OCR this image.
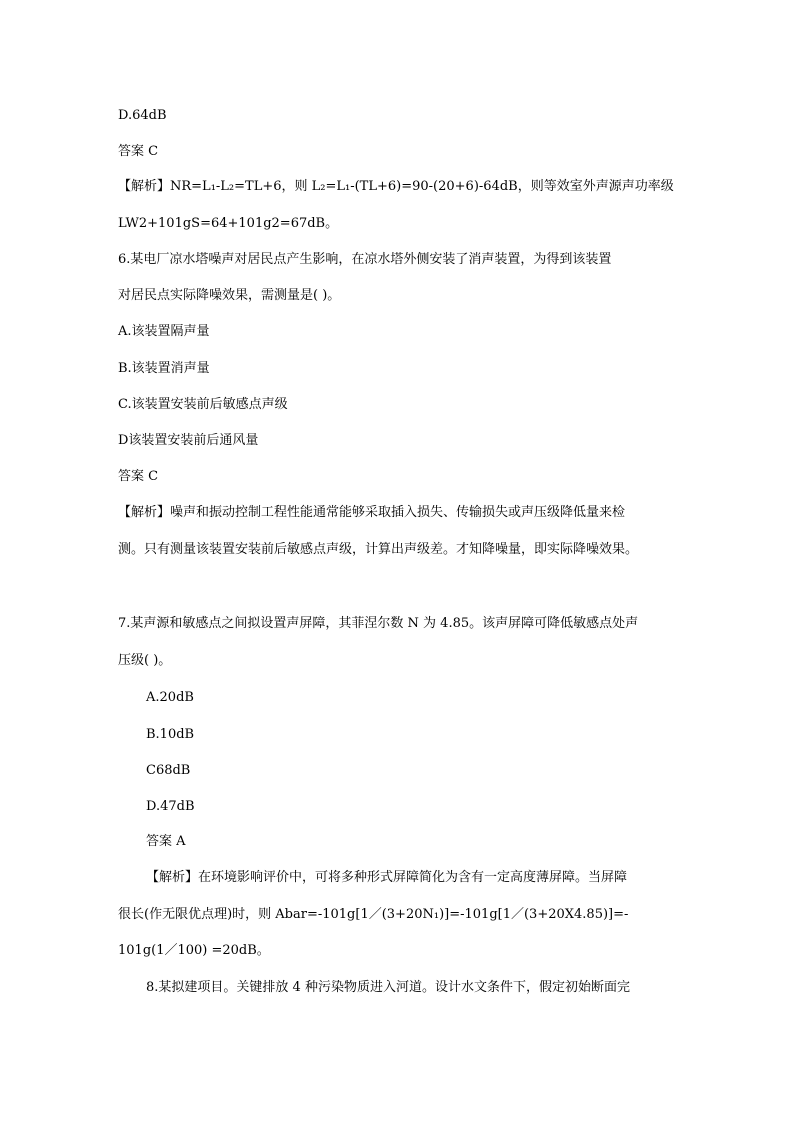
D.64dB
答案 C
【解析】NR=L₁-L₂=TL+6，则 L₂=L₁-(TL+6)=90-(20+6)-64dB，则等效室外声源声功率级
LW2+101gS=64+101g2=67dB。
6.某电厂凉水塔噪声对居民点产生影响，在凉水塔外侧安装了消声装置，为得到该装置
对居民点实际降噪效果，需测量是( )。
A.该装置隔声量
B.该装置消声量
C.该装置安装前后敏感点声级
D该装置安装前后通风量
答案 C
【解析】噪声和振动控制工程性能通常能够采取插入损失、传输损失或声压级降低量来检
测。只有测量该装置安装前后敏感点声级，计算出声级差。才知降噪量，即实际降噪效果。
7.某声源和敏感点之间拟设置声屏障，其菲涅尔数 N 为 4.85。该声屏障可降低敏感点处声
压级( )。
A.20dB
B.10dB
C68dB
D.47dB
答案 A
【解析】在环境影响评价中，可将多种形式屏障简化为含有一定高度薄屏障。当屏障
很长(作无限优点理)时，则 Abar=-101g[1／(3+20N₁)]=-101g[1／(3+20X4.85)]=-
101g(1／100) =20dB。
8.某拟建项目。关键排放 4 种污染物质进入河道。设计水文条件下，假定初始断面完
